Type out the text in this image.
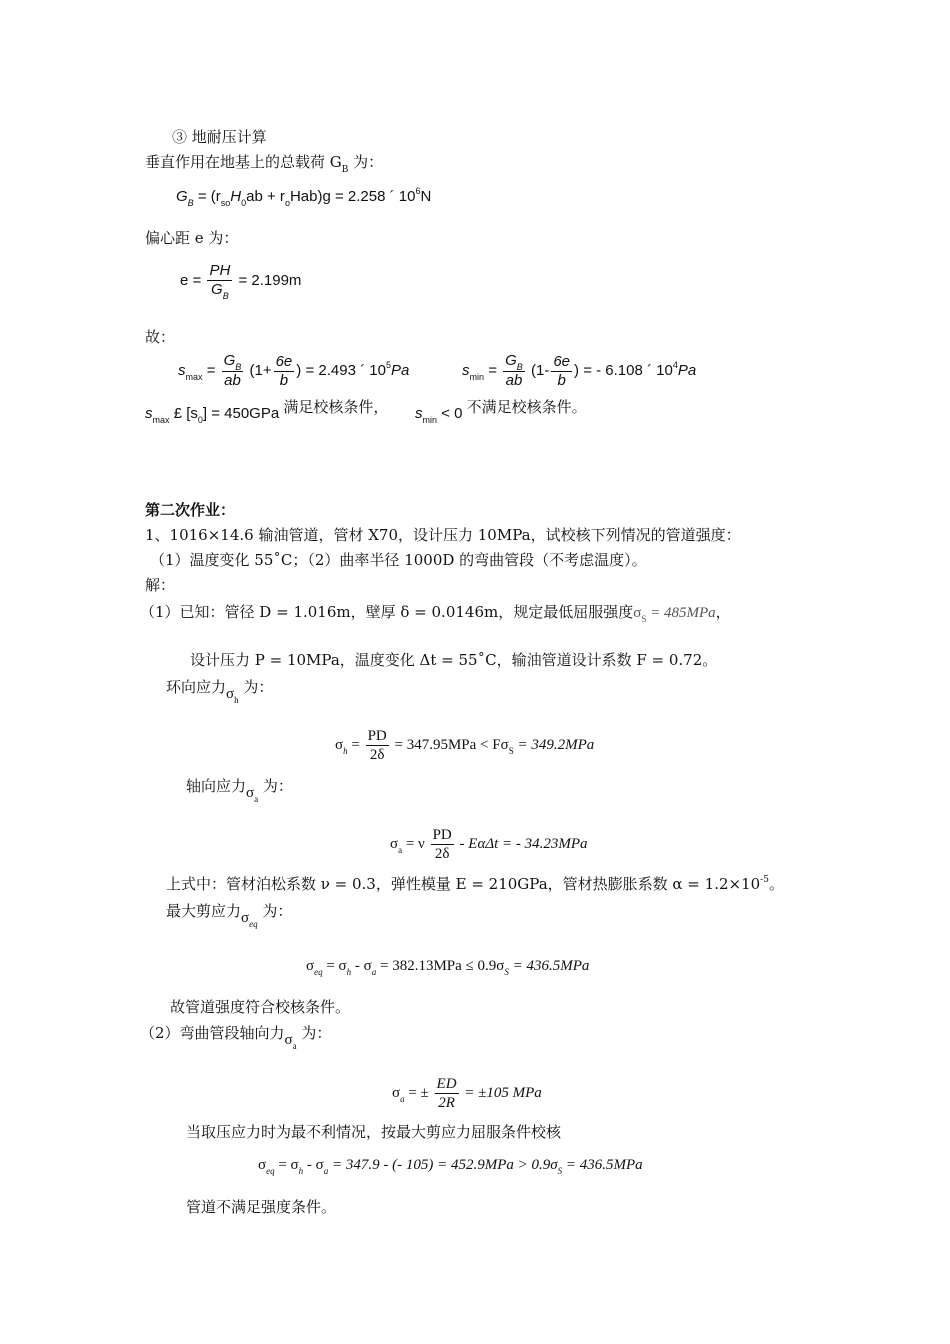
③ 地耐压计算
垂直作用在地基上的总载荷 $G_B$ 为：
$G_B = (r_{so}H_0ab + r_oHab)g = 2.258$ ´ $10^6N$
偏心距 e 为：
$e = \frac{PH}{G_B} = 2.199m$
故：
$s_{max} = \frac{G_B}{ab} (1+ \frac{6e}{b}$ ) = 2.493 ´ $10^5Pa$	$s_{min} = \frac{G_B}{ab} (1- \frac{6e}{b}$ ) = - 6.108 ´ $10^4Pa$
$s_{max}$ £ $[s_0] = 450GPa$ 满足校核条件， $s_{min} < 0$ 不满足校核条件。
第二次作业：
1、1016×14.6 输油管道，管材 X70，设计压力 10MPa，试校核下列情况的管道强度：
（1）温度变化 55˚C；（2）曲率半径 1000D 的弯曲管段（不考虑温度）。
解：
（1）已知：管径 D = 1.016m，壁厚 δ = 0.0146m，规定最低屈服强度$\sigma_S = 485MPa$，
设计压力 P = 10MPa，温度变化 Δt = 55˚C，输油管道设计系数 F = 0.72。
环向应力$\sigma_h$ 为：
$\sigma_h = \frac{PD}{2\delta} = 347.95MPa < F\sigma_S = 349.2MPa$
轴向应力$\sigma_a$ 为：
$\sigma_a = \nu \frac{PD}{2\delta} - E\alpha\Delta t$ = - 34.23MPa
上式中：管材泊松系数 ν = 0.3，弹性模量 E = 210GPa，管材热膨胀系数 $\alpha = 1.2\times 10^{-5}$。
最大剪应力$\sigma_{eq}$ 为：
$\sigma_{eq} = \sigma_h - \sigma_a = 382.13MPa \le 0.9\sigma_S = 436.5MPa$
故管道强度符合校核条件。
（2）弯曲管段轴向力$\sigma_a$ 为：
$\sigma_a$ = ± $\frac{ED}{2R} = \pm 105$ MPa
当取压应力时为最不利情况，按最大剪应力屈服条件校核
$\sigma_{eq} = \sigma_h - \sigma_a = 347.9$ - (- $105) = 452.9MPa > 0.9\sigma_S = 436.5MPa$
管道不满足强度条件。
